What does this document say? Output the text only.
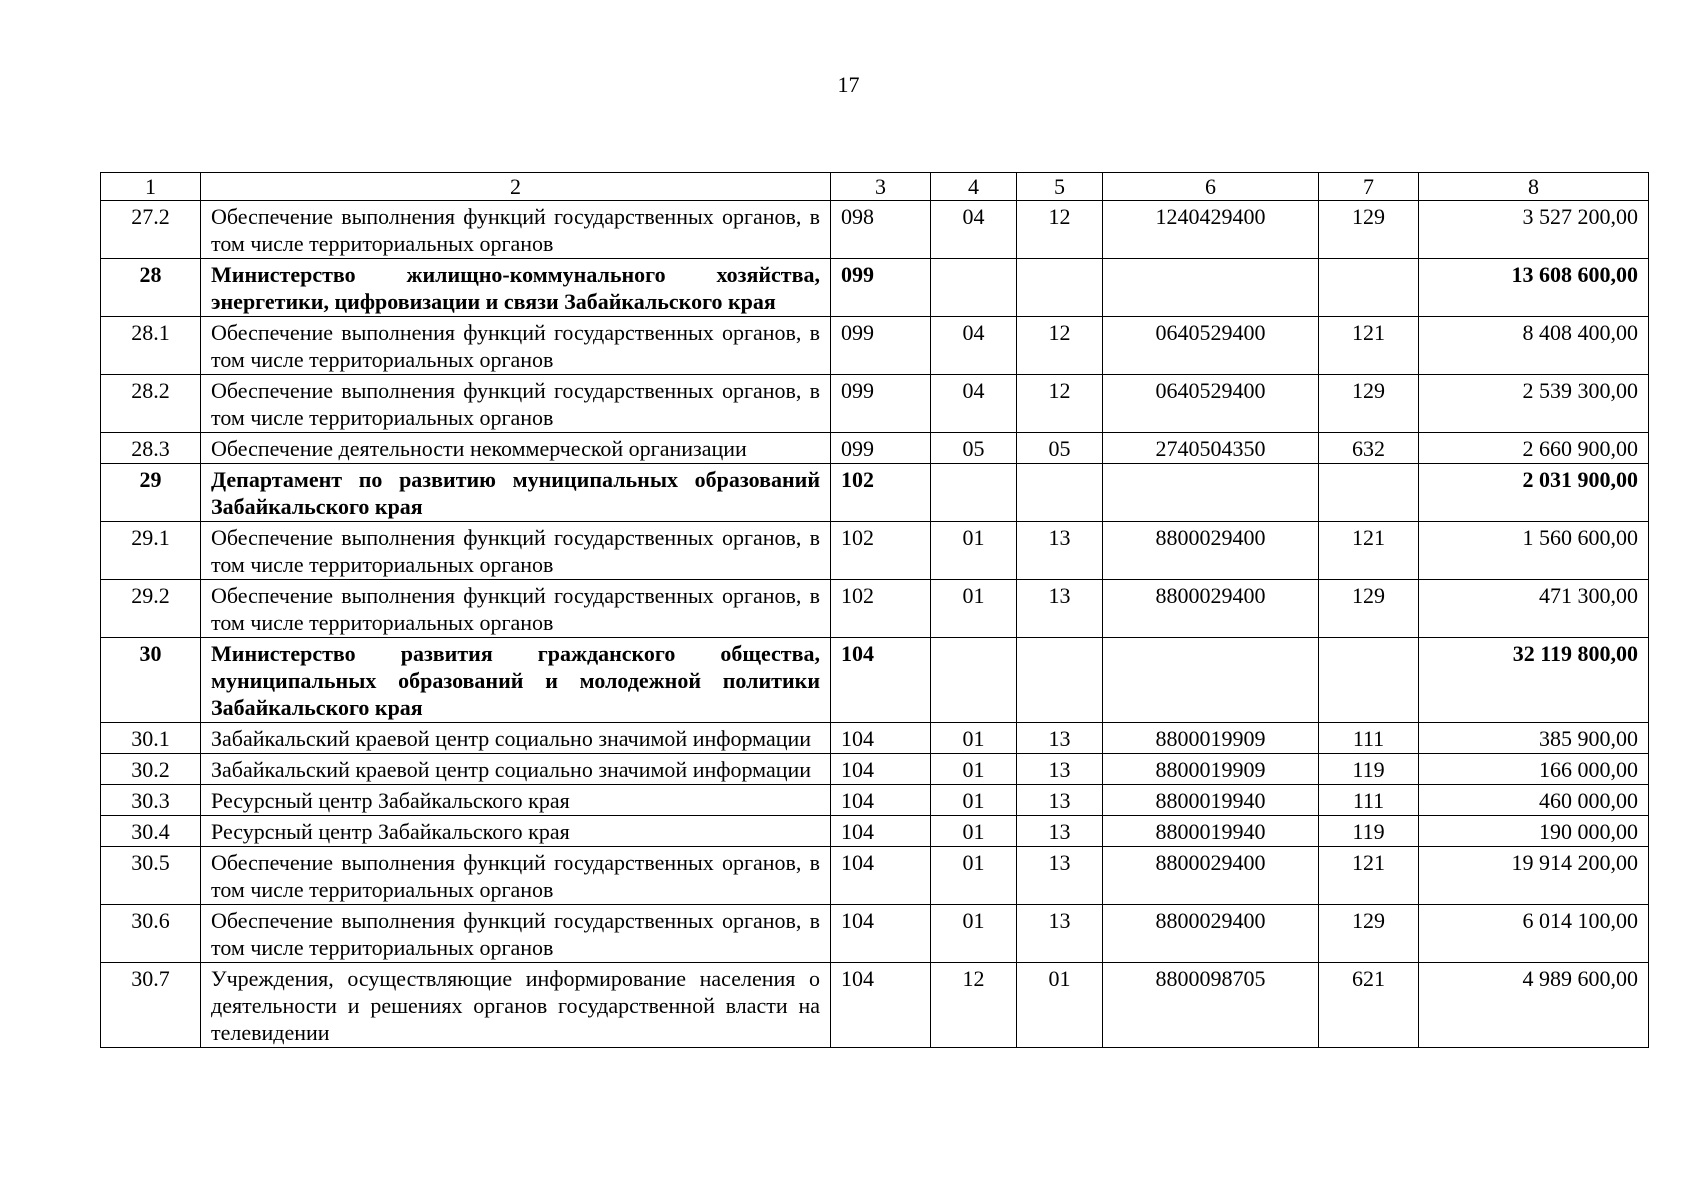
17
1	2	3	4	5	6	7	8
27.2	Обеспечение выполнения функций государственных органов, в том числе территориальных органов	098	04	12	1240429400	129	3 527 200,00
28	Министерство жилищно-коммунального хозяйства, энергетики, цифровизации и связи Забайкальского края	099					13 608 600,00
28.1	Обеспечение выполнения функций государственных органов, в том числе территориальных органов	099	04	12	0640529400	121	8 408 400,00
28.2	Обеспечение выполнения функций государственных органов, в том числе территориальных органов	099	04	12	0640529400	129	2 539 300,00
28.3	Обеспечение деятельности некоммерческой организации	099	05	05	2740504350	632	2 660 900,00
29	Департамент по развитию муниципальных образований Забайкальского края	102					2 031 900,00
29.1	Обеспечение выполнения функций государственных органов, в том числе территориальных органов	102	01	13	8800029400	121	1 560 600,00
29.2	Обеспечение выполнения функций государственных органов, в том числе территориальных органов	102	01	13	8800029400	129	471 300,00
30	Министерство развития гражданского общества, муниципальных образований и молодежной политики Забайкальского края	104					32 119 800,00
30.1	Забайкальский краевой центр социально значимой информации	104	01	13	8800019909	111	385 900,00
30.2	Забайкальский краевой центр социально значимой информации	104	01	13	8800019909	119	166 000,00
30.3	Ресурсный центр Забайкальского края	104	01	13	8800019940	111	460 000,00
30.4	Ресурсный центр Забайкальского края	104	01	13	8800019940	119	190 000,00
30.5	Обеспечение выполнения функций государственных органов, в том числе территориальных органов	104	01	13	8800029400	121	19 914 200,00
30.6	Обеспечение выполнения функций государственных органов, в том числе территориальных органов	104	01	13	8800029400	129	6 014 100,00
30.7	Учреждения, осуществляющие информирование населения о деятельности и решениях органов государственной власти на телевидении	104	12	01	8800098705	621	4 989 600,00
